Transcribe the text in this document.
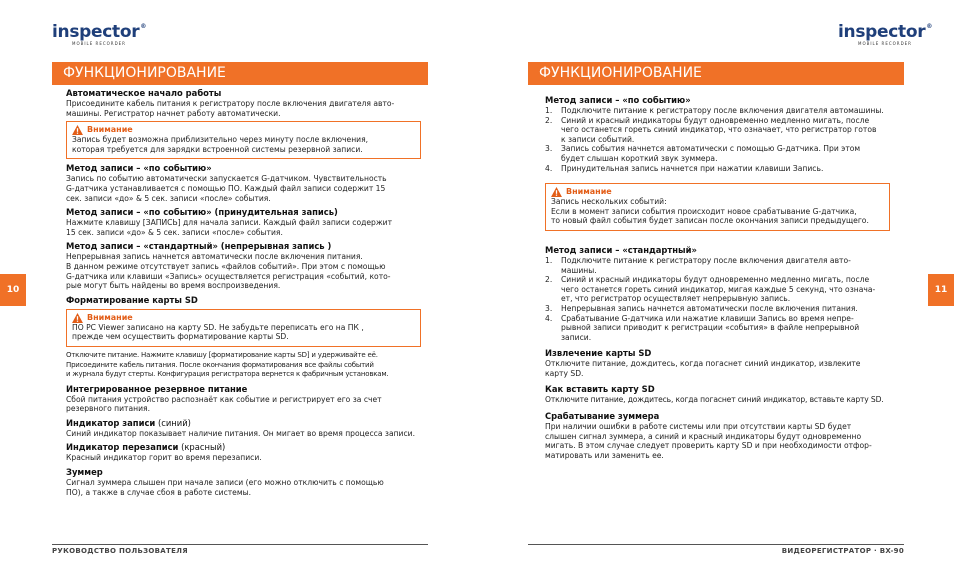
inspector®
MOBILE RECORDER
ФУНКЦИОНИРОВАНИЕ
Автоматическое начало работы

Присоедините кабель питания к регистратору после включения двигателя авто-

машины. Регистратор начнет работу автоматически.

Внимание

Запись будет возможна приблизительно через минуту после включения,

которая требуется для зарядки встроенной системы резервной записи.

Метод записи – «по событию»

Запись по событию автоматически запускается G-датчиком. Чувствительность

G-датчика устанавливается с помощью ПО. Каждый файл записи содержит 15

сек. записи «до» & 5 сек. записи «после» события.

Метод записи – «по событию» (принудительная запись)

Нажмите клавишу [ЗАПИСЬ] для начала записи. Каждый файл записи содержит

15 сек. записи «до» & 5 сек. записи «после» события.

Метод записи – «стандартный» (непрерывная запись )

Непрерывная запись начнется автоматически после включения питания.

В данном режиме отсутствует запись «файлов событий». При этом с помощью

G-датчика или клавиши «Запись» осуществляется регистрация «событий, кото-

рые могут быть найдены во время воспроизведения.

Форматирование карты SD
Внимание

ПО PC Viewer записано на карту SD. Не забудьте переписать его на ПК ,

прежде чем осуществить форматирование карты SD.

Отключите питание. Нажмите клавишу [форматирование карты SD] и удерживайте её.

Присоедините кабель питания. После окончания форматирования все файлы событий

и журнала будут стерты. Конфигурация регистратора вернется к фабричным установкам.

Интегрированное резервное питание

Сбой питания устройство распознаёт как событие и регистрирует его за счет

резервного питания.

Индикатор записи (синий)

Синий индикатор показывает наличие питания. Он мигает во время процесса записи.

Индикатор перезаписи (красный)

Красный индикатор горит во время перезаписи.

Зуммер

Сигнал зуммера слышен при начале записи (его можно отключить с помощью

ПО), а также в случае сбоя в работе системы.

10
РУКОВОДСТВО ПОЛЬЗОВАТЕЛЯ
inspector®
MOBILE RECORDER
ФУНКЦИОНИРОВАНИЕ
Метод записи – «по событию»
1.	Подключите питание к регистратору после включения двигателя автомашины.
2.	Синий и красный индикаторы будут одновременно медленно мигать, после
чего останется гореть синий индикатор, что означает, что регистратор готов
к записи событий.
3.	Запись события начнется автоматически с помощью G-датчика. При этом
будет слышан короткий звук зуммера.
4.	Принудительная запись начнется при нажатии клавиши Запись.
Внимание

Запись нескольких событий:

Если в момент записи события происходит новое срабатывание G-датчика,

то новый файл события будет записан после окончания записи предыдущего.

Метод записи – «стандартный»
1.	Подключите питание к регистратору после включения двигателя авто-
машины.
2.	Синий и красный индикаторы будут одновременно медленно мигать, после
чего останется гореть синий индикатор, мигая каждые 5 секунд, что означа-
ет, что регистратор осуществляет непрерывную запись.
3.	Непрерывная запись начнется автоматически после включения питания.
4.	Срабатывание G-датчика или нажатие клавиши Запись во время непре-
рывной записи приводит к регистрации «события» в файле непрерывной
записи.
Извлечение карты SD

Отключите питание, дождитесь, когда погаснет синий индикатор, извлеките

карту SD.

Как вставить карту SD

Отключите питание, дождитесь, когда погаснет синий индикатор, вставьте карту SD.

Срабатывание зуммера

При наличии ошибки в работе системы или при отсутствии карты SD будет

слышен сигнал зуммера, а синий и красный индикаторы будут одновременно

мигать. В этом случае следует проверить карту SD и при необходимости отфор-

матировать или заменить ее.

11
ВИДЕОРЕГИСТРАТОР · BX-90
